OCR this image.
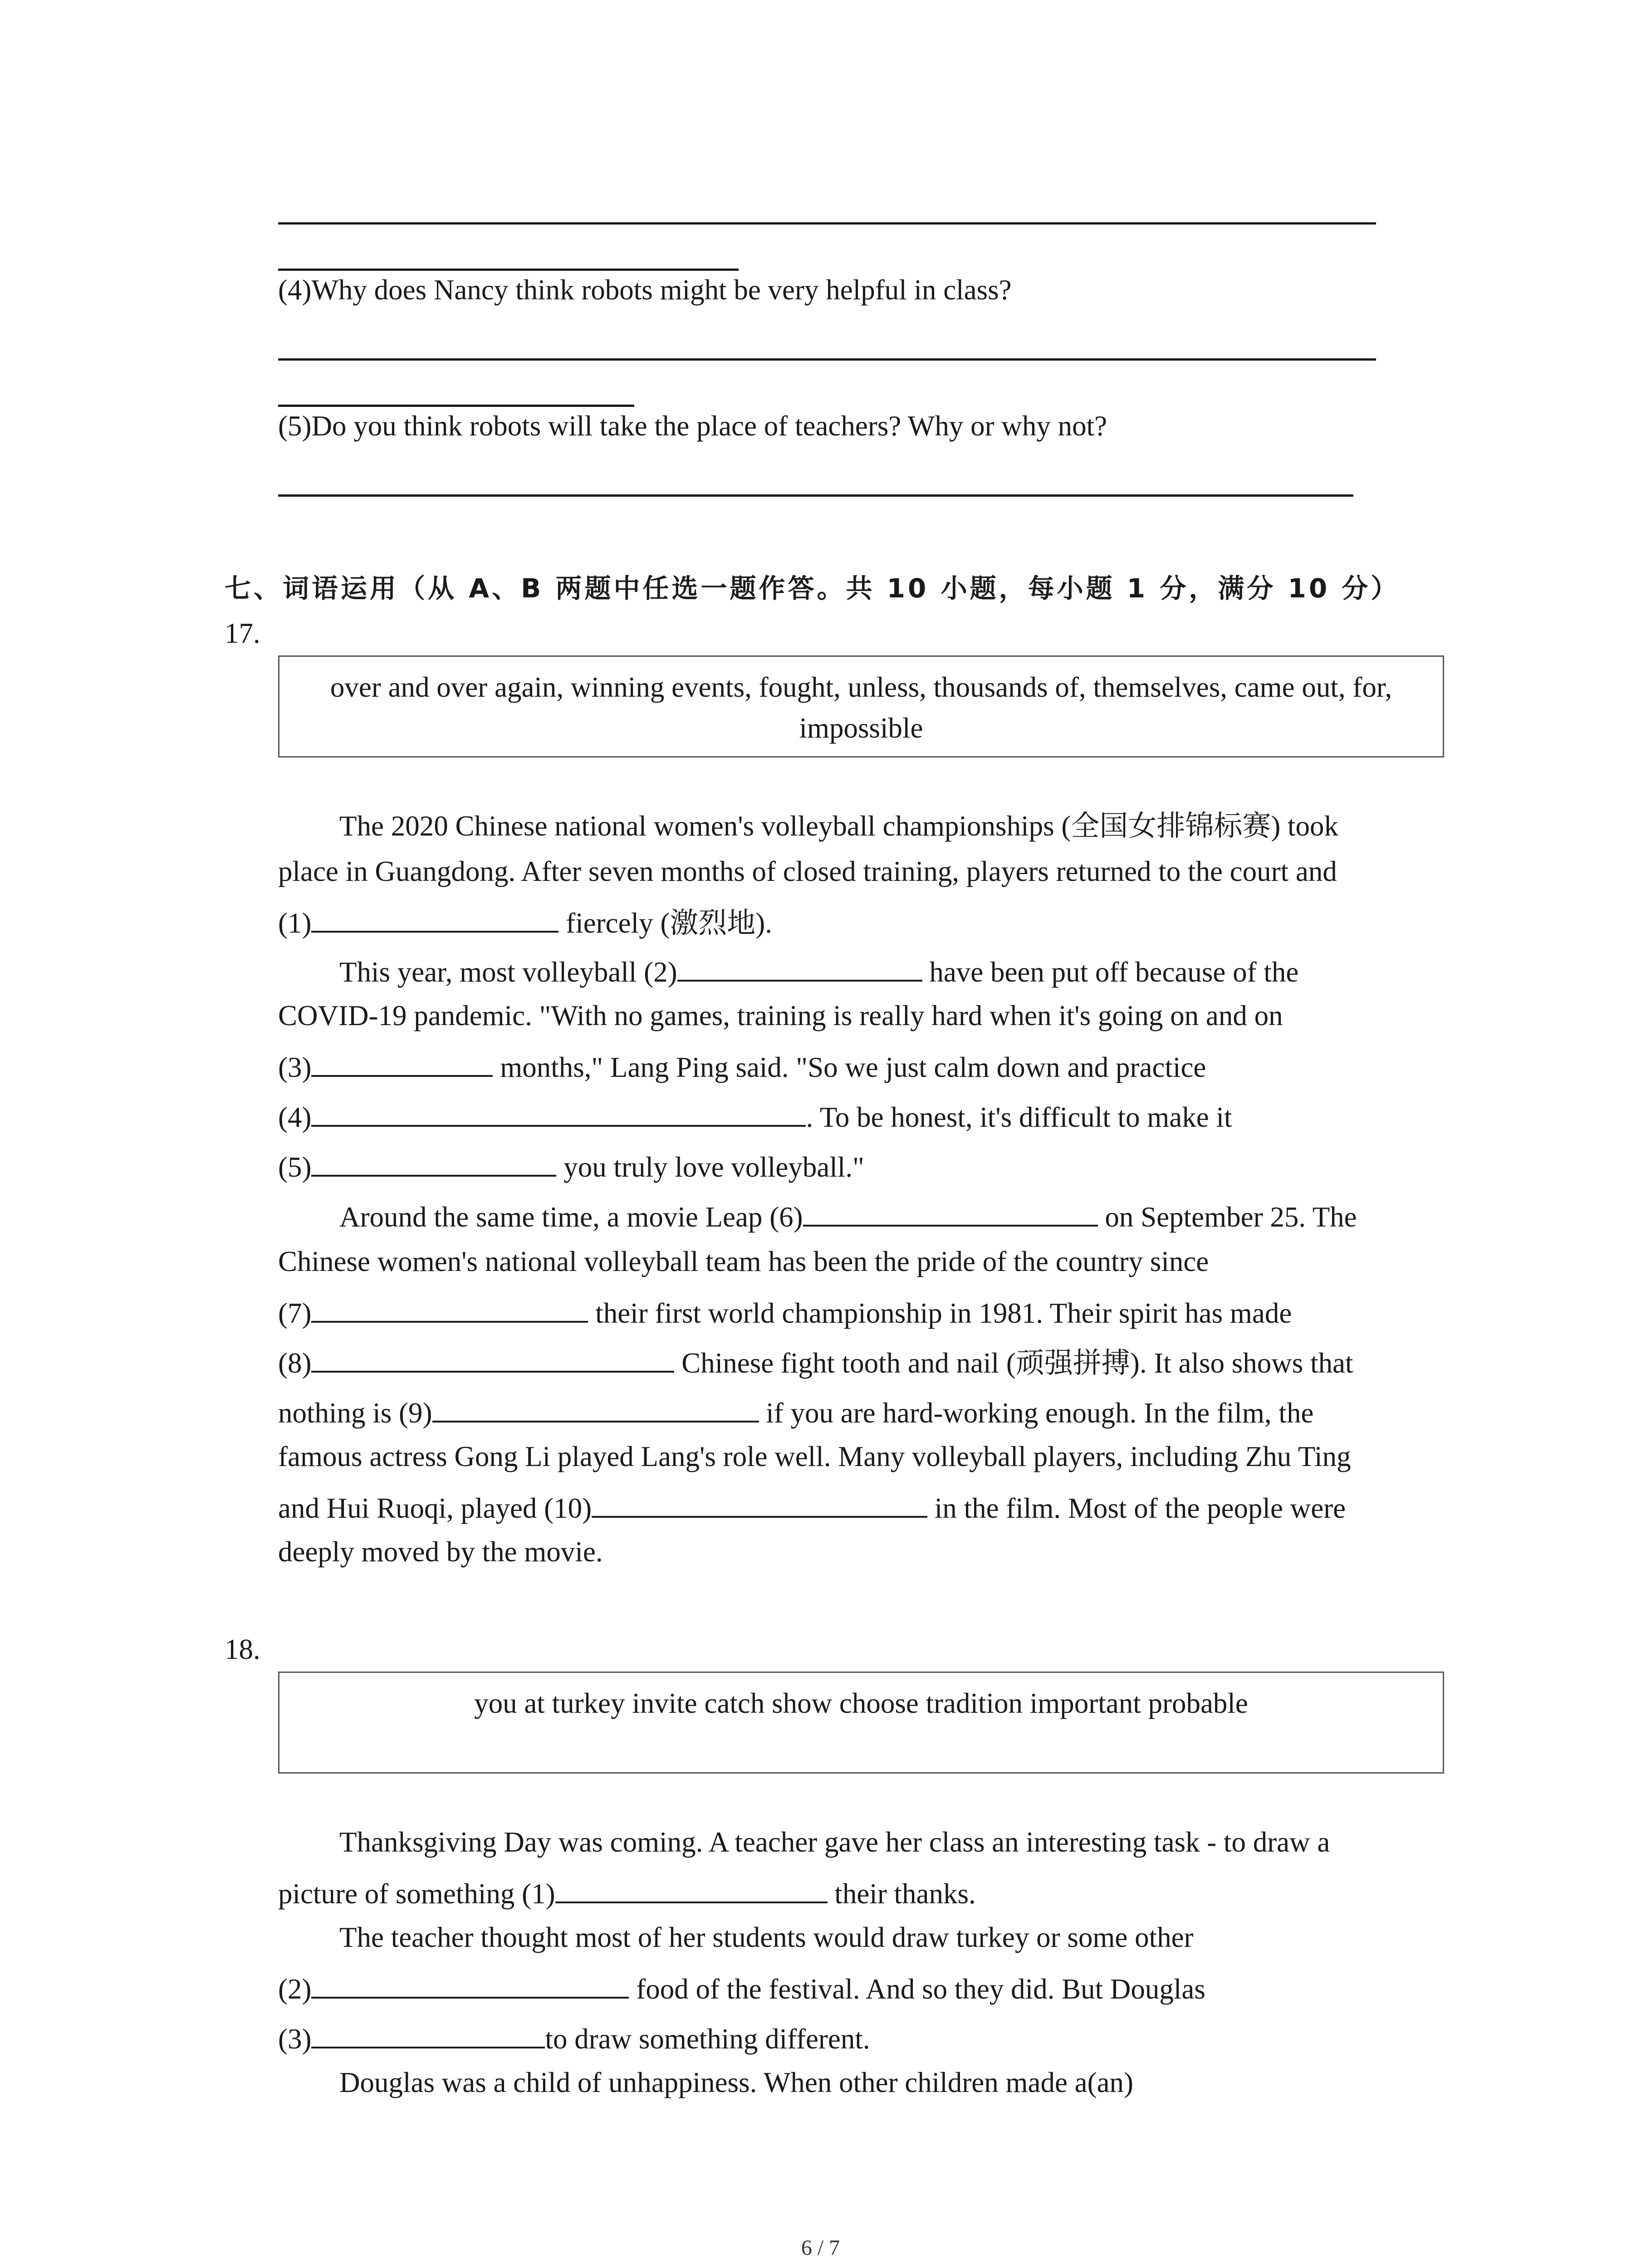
(4)Why does Nancy think robots might be very helpful in class?
(5)Do you think robots will take the place of teachers? Why or why not?
七、词语运用（从 A、B 两题中任选一题作答。共 10 小题，每小题 1 分，满分 10 分）
17.
over and over again, winning events, fought, unless, thousands of, themselves, came out, for,
impossible
The 2020 Chinese national women's volleyball championships (全国女排锦标赛) took
place in Guangdong. After seven months of closed training, players returned to the court and
(1)	fiercely (激烈地).
This year, most volleyball (2)	have been put off because of the
COVID-19 pandemic. "With no games, training is really hard when it's going on and on
(3)	months," Lang Ping said. "So we just calm down and practice
(4)	. To be honest, it's difficult to make it
(5)	you truly love volleyball."
Around the same time, a movie Leap (6)	on September 25. The
Chinese women's national volleyball team has been the pride of the country since
(7)	their first world championship in 1981. Their spirit has made
(8)	Chinese fight tooth and nail (顽强拼搏). It also shows that
nothing is (9)	if you are hard-working enough. In the film, the
famous actress Gong Li played Lang's role well. Many volleyball players, including Zhu Ting
and Hui Ruoqi, played (10)	in the film. Most of the people were
deeply moved by the movie.
18.
you at turkey invite catch show choose tradition important probable
Thanksgiving Day was coming. A teacher gave her class an interesting task - to draw a
picture of something (1)	their thanks.
The teacher thought most of her students would draw turkey or some other
(2)	food of the festival. And so they did. But Douglas
(3)	to draw something different.
Douglas was a child of unhappiness. When other children made a(an)
6 / 7
